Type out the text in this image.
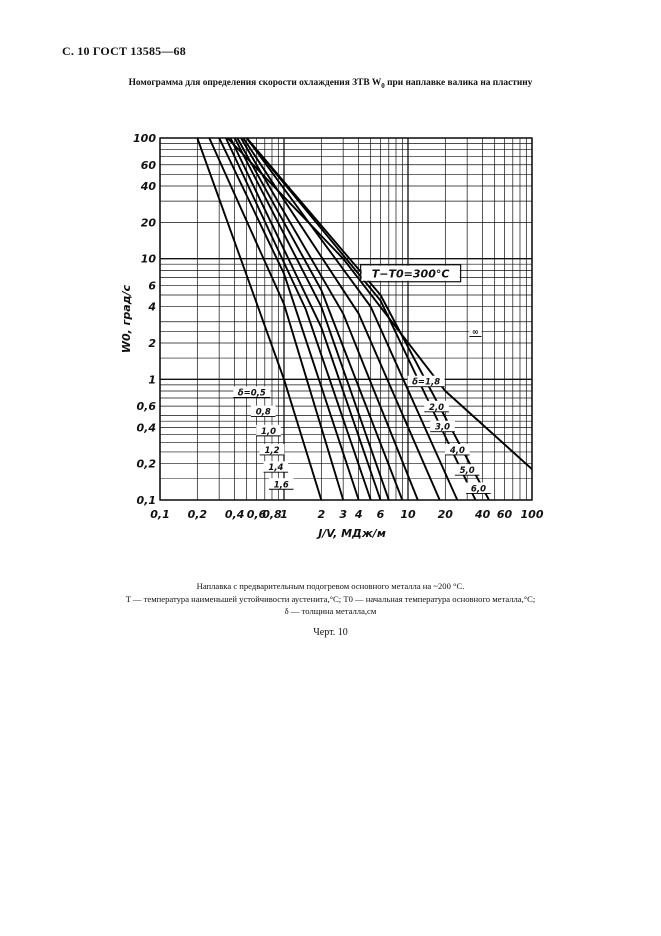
С. 10 ГОСТ 13585—68
Номограмма для определения скорости охлаждения ЗТВ $W_0$ при наплавке валика на пластину
0,1 0,2 0,4 0,6
0,8
1	2 3 4 6 10 20 40 60 100
100
60
40
20
10
6
4
2
1
0,6
0,4
0,2
0,1
δ=0,5
0,8
1,0
1,2
1,4
1,6
δ=1,8
2,0
3,0
4,0
5,0
6,0
∞
J/V, МДж/м
W0, град/с
T−T0=300°C
Наплавка с предварительным подогревом основного металла на ~200 °С.
T — температура наименьшей устойчивости аустенита,°С; T0 — начальная температура основного металла,°С;
δ — толщина металла,см
Черт. 10
